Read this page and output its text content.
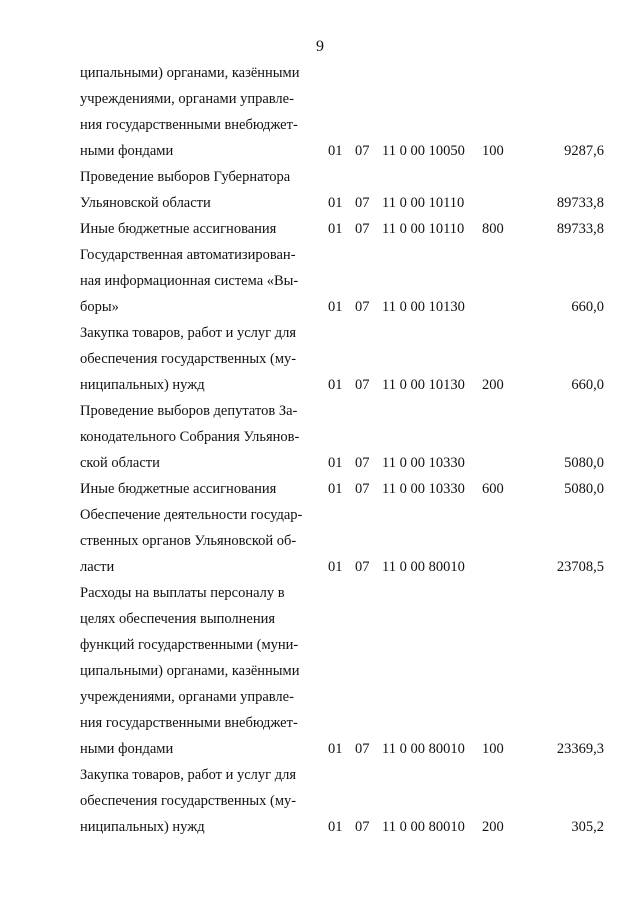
9
ципальными) органами, казёнными
учреждениями, органами управле-
ния государственными внебюджет-
ными фондами	01 07 11 0 00 10050 100	9287,6
Проведение выборов Губернатора
Ульяновской области	01 07 11 0 00 10110	89733,8
Иные бюджетные ассигнования	01 07 11 0 00 10110 800	89733,8
Государственная автоматизирован-
ная информационная система «Вы-
боры»	01 07 11 0 00 10130	660,0
Закупка товаров, работ и услуг для
обеспечения государственных (му-
ниципальных) нужд	01 07 11 0 00 10130 200	660,0
Проведение выборов депутатов За-
конодательного Собрания Ульянов-
ской области	01 07 11 0 00 10330	5080,0
Иные бюджетные ассигнования	01 07 11 0 00 10330 600	5080,0
Обеспечение деятельности государ-
ственных органов Ульяновской об-
ласти	01 07 11 0 00 80010	23708,5
Расходы на выплаты персоналу в
целях обеспечения выполнения
функций государственными (муни-
ципальными) органами, казёнными
учреждениями, органами управле-
ния государственными внебюджет-
ными фондами	01 07 11 0 00 80010 100	23369,3
Закупка товаров, работ и услуг для
обеспечения государственных (му-
ниципальных) нужд	01 07 11 0 00 80010 200	305,2
